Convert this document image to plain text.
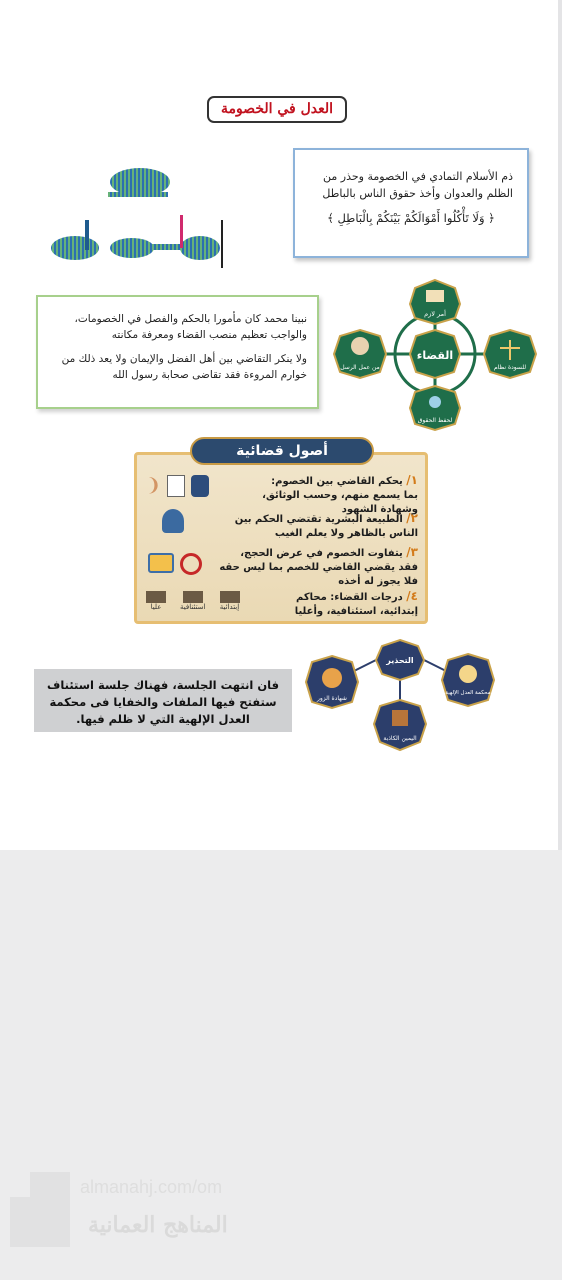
العدل في الخصومة
ذم الأسلام التمادي في الخصومة وحذر من
الظلم والعدوان وأخذ حقوق الناس بالباطل
﴿ وَلَا تَأْكُلُوا أَمْوَالَكُمْ بَيْنَكُمْ بِالْبَاطِلِ ﴾

نبينا محمد كان مأمورا بالحكم والفصل في الخصومات، والواجب تعظيم منصب القضاء ومعرفة مكانته

ولا ينكر التقاضي بين أهل الفضل والإيمان ولا يعد ذلك من خوارم المروءة فقد تقاضى صحابة رسول الله

القضاء
أمر لازم
من عمل الرسل	للسودة نظام
لحفظ الحقوق
أصول قضائية
١/ يحكم القاضي بين الخصوم: بما يسمع منهم، وحسب الوثائق، وشهادة الشهود
❩
٢/ الطبيعة البشرية تقتضي الحكم بين الناس بالظاهر ولا يعلم الغيب
٣/ يتفاوت الخصوم في عرض الحجج، فقد يقضي القاضي للخصم بما ليس حقه فلا يجوز له أخذه
٤/ درجات القضاء: محاكم إبتدائية، استئنافية، وأعليا
عليا	استئنافية إبتدائية
فان انتهت الجلسة، فهناك جلسة استئناف ستفتح فيها الملفات والخفايا فى محكمة العدل الإلهية التي لا ظلم فيها.
التحذير
شهادة الزور
محكمة العدل الإلهية
اليمين الكاذبة
almanahj.com/om
المناهج العمانية
